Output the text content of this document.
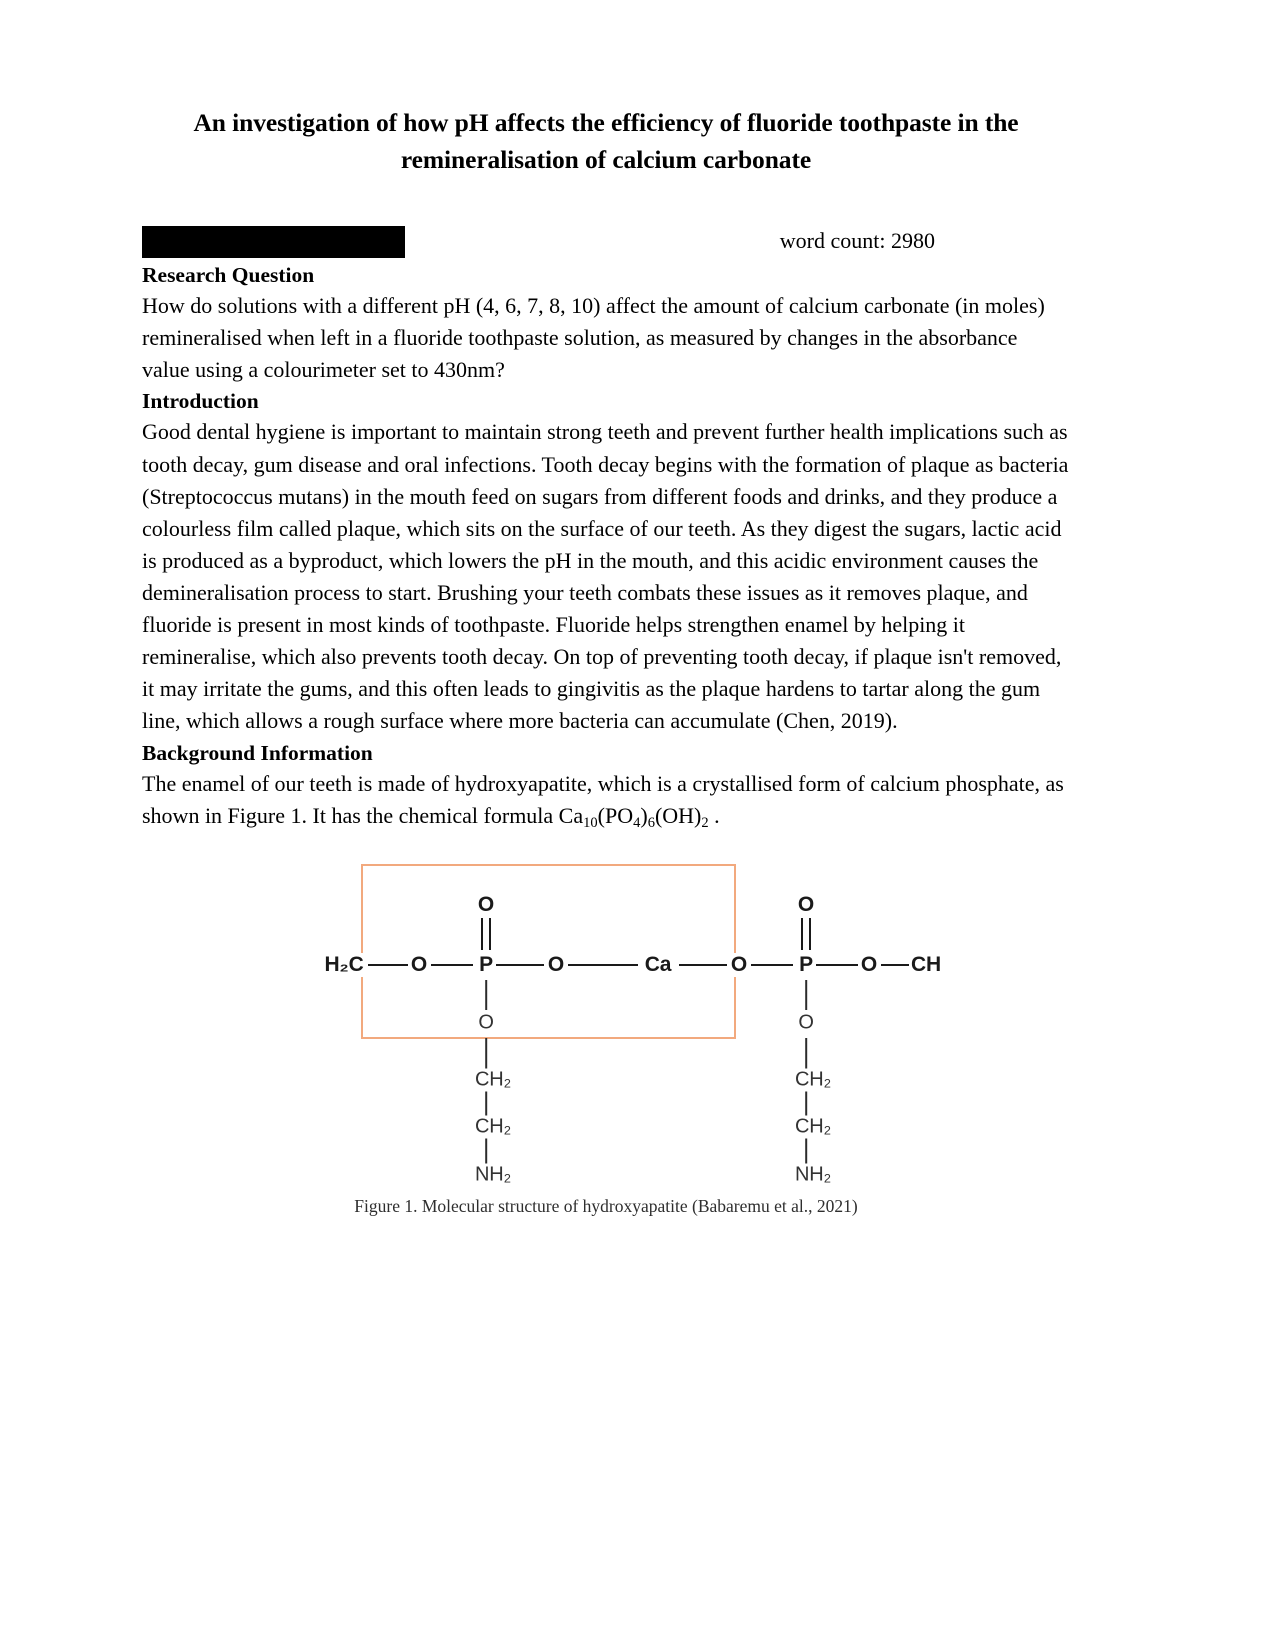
An investigation of how pH affects the efficiency of fluoride toothpaste in the remineralisation of calcium carbonate
word count: 2980
Research Question

How do solutions with a different pH (4, 6, 7, 8, 10) affect the amount of calcium carbonate (in moles) remineralised when left in a fluoride toothpaste solution, as measured by changes in the absorbance value using a colourimeter set to 430nm?

Introduction

Good dental hygiene is important to maintain strong teeth and prevent further health implications such as tooth decay, gum disease and oral infections. Tooth decay begins with the formation of plaque as bacteria (Streptococcus mutans) in the mouth feed on sugars from different foods and drinks, and they produce a colourless film called plaque, which sits on the surface of our teeth. As they digest the sugars, lactic acid is produced as a byproduct, which lowers the pH in the mouth, and this acidic environment causes the demineralisation process to start. Brushing your teeth combats these issues as it removes plaque, and fluoride is present in most kinds of toothpaste. Fluoride helps strengthen enamel by helping it remineralise, which also prevents tooth decay. On top of preventing tooth decay, if plaque isn't removed, it may irritate the gums, and this often leads to gingivitis as the plaque hardens to tartar along the gum line, which allows a rough surface where more bacteria can accumulate (Chen, 2019).

Background Information

The enamel of our teeth is made of hydroxyapatite, which is a crystallised form of calcium phosphate, as shown in Figure 1. It has the chemical formula $Ca_{10}(PO_4)_6(OH)_2$ .

H₂C O P
O
O	Ca	O P
O
O CH
O
CH₂
CH₂
NH₂
O
CH₂
CH₂
NH₂
Figure 1. Molecular structure of hydroxyapatite (Babaremu et al., 2021)
